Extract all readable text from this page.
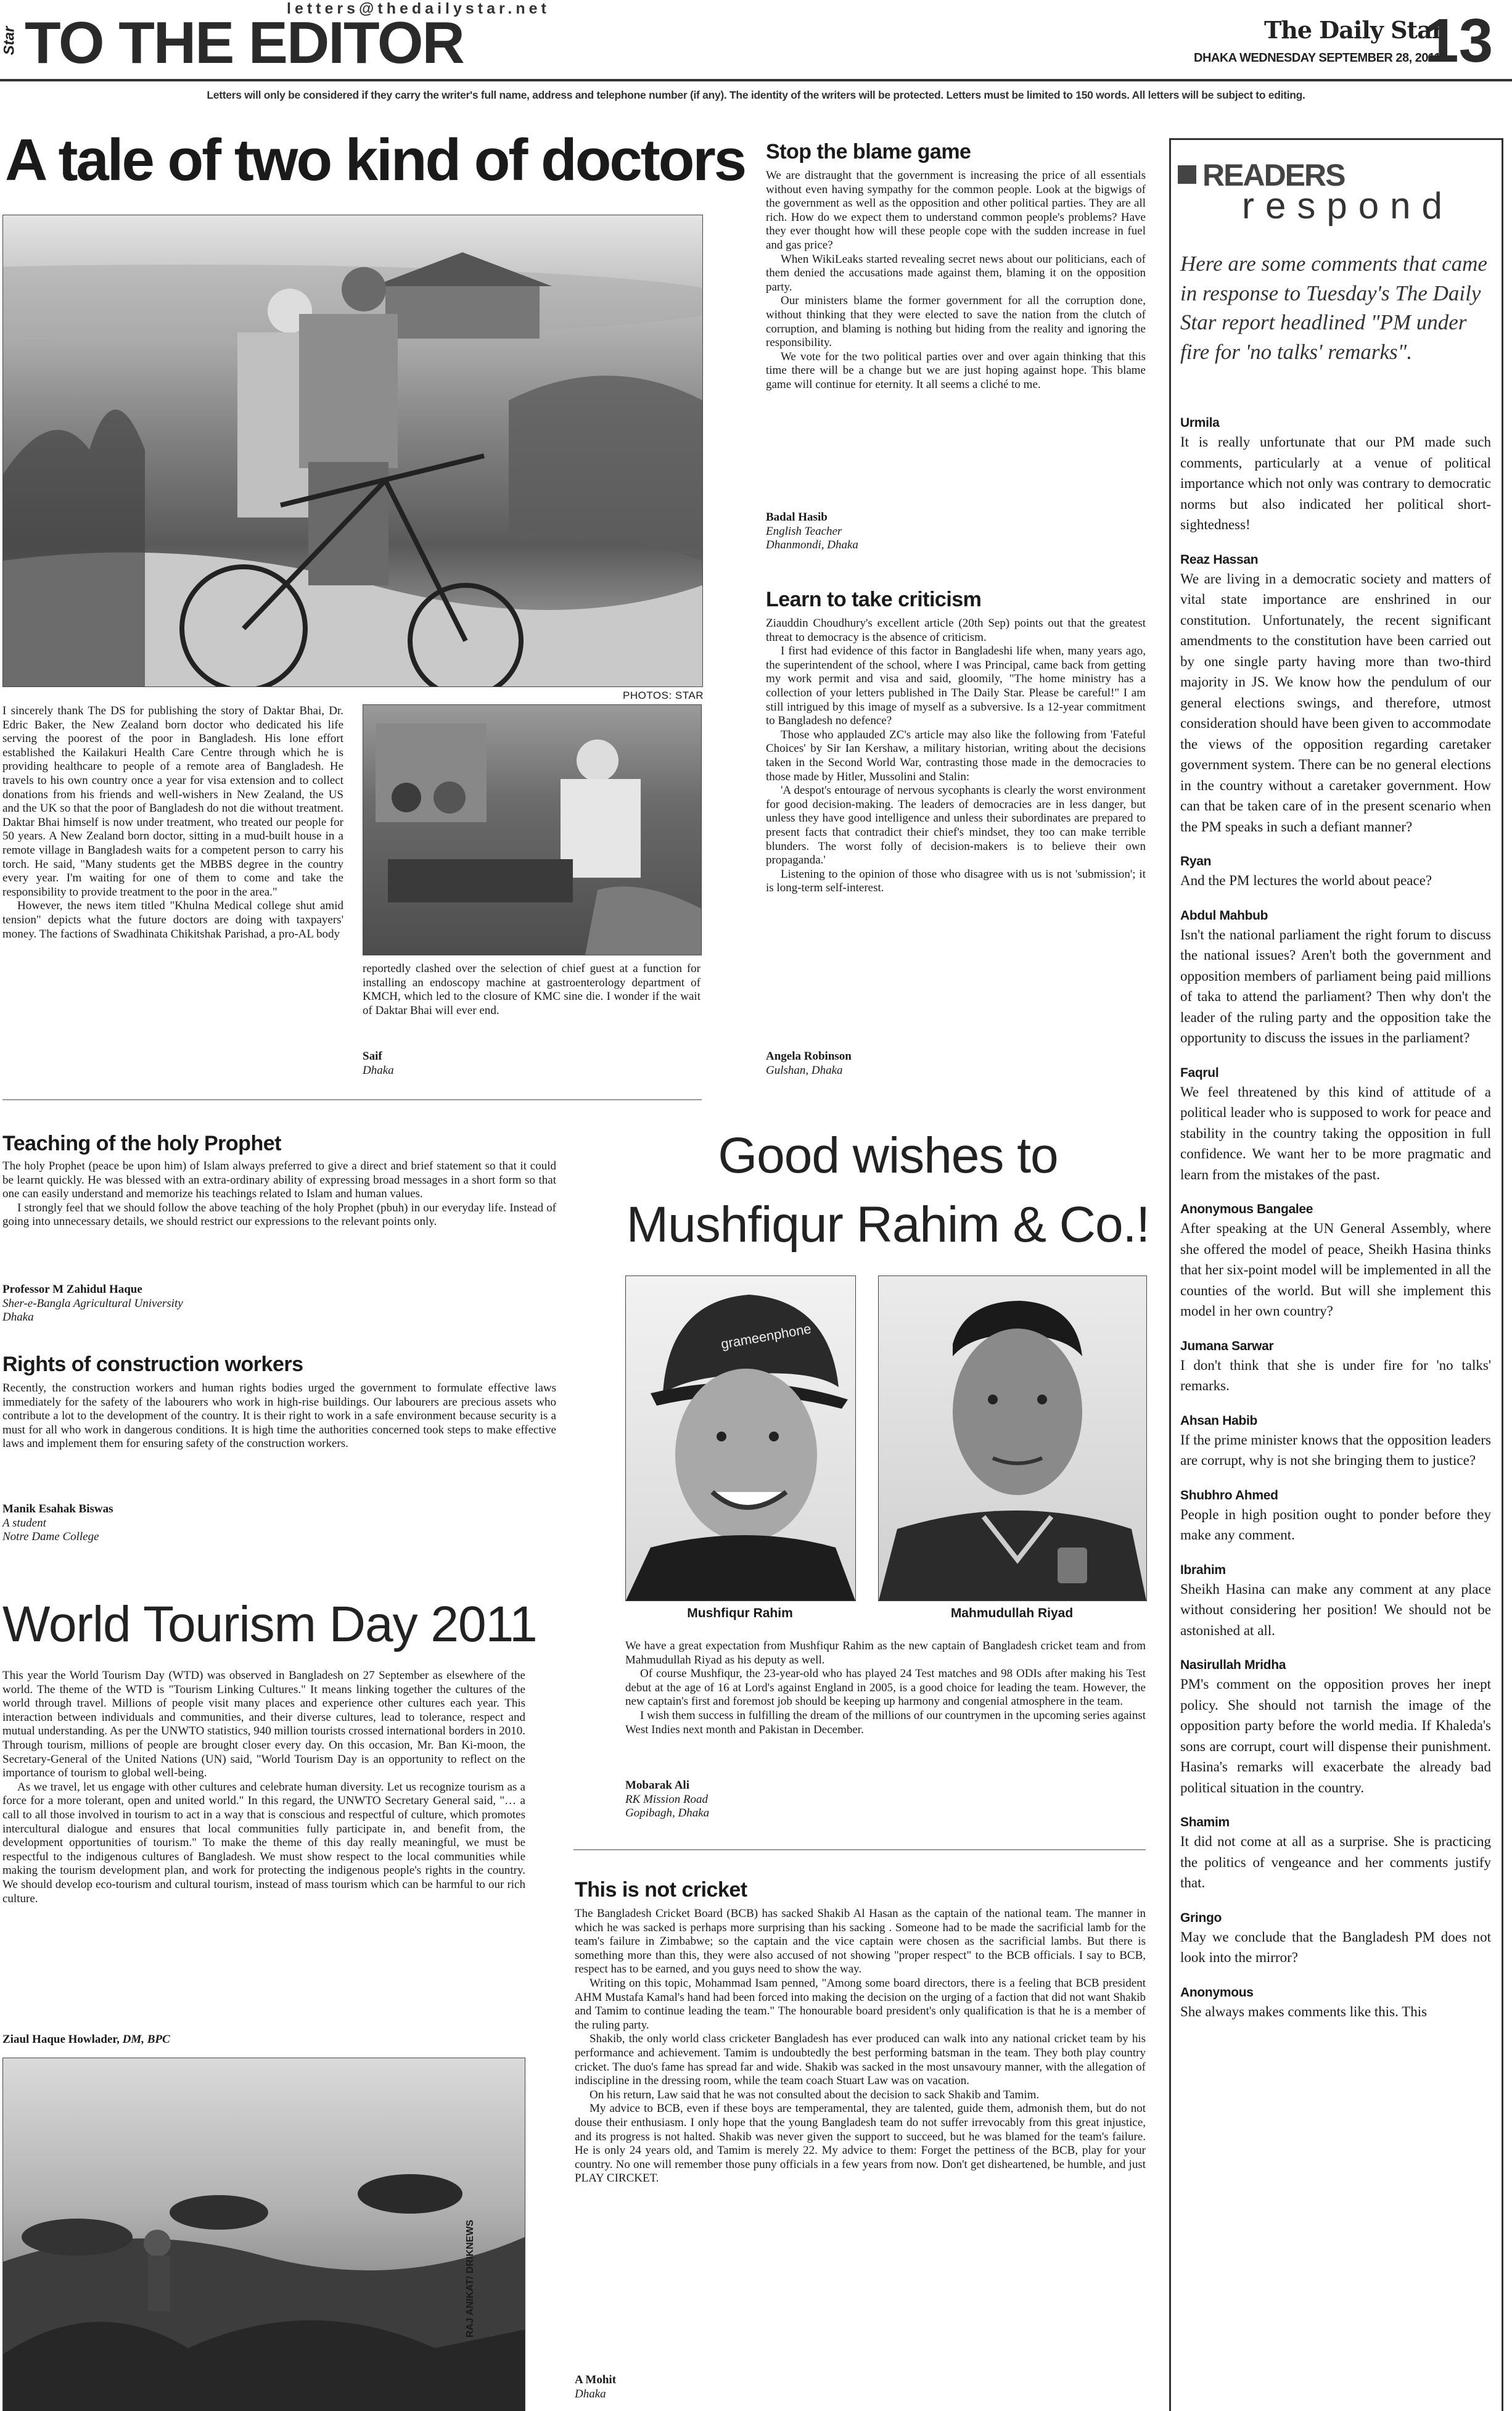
letters@thedailystar.net
Star TO THE EDITOR	The Daily Star
DHAKA WEDNESDAY SEPTEMBER 28, 2011
13
Letters will only be considered if they carry the writer's full name, address and telephone number (if any). The identity of the writers will be protected. Letters must be limited to 150 words. All letters will be subject to editing.
A tale of two kind of doctors
PHOTOS: STAR

I sincerely thank The DS for publishing the story of Daktar Bhai, Dr. Edric Baker, the New Zealand born doctor who dedicated his life serving the poorest of the poor in Bangladesh. His lone effort established the Kailakuri Health Care Centre through which he is providing healthcare to people of a remote area of Bangladesh. He travels to his own country once a year for visa extension and to collect donations from his friends and well-wishers in New Zealand, the US and the UK so that the poor of Bangladesh do not die without treatment. Daktar Bhai himself is now under treatment, who treated our people for 50 years. A New Zealand born doctor, sitting in a mud-built house in a remote village in Bangladesh waits for a competent person to carry his torch. He said, "Many students get the MBBS degree in the country every year. I'm waiting for one of them to come and take the responsibility to provide treatment to the poor in the area."

However, the news item titled "Khulna Medical college shut amid tension" depicts what the future doctors are doing with taxpayers' money. The factions of Swadhinata Chikitshak Parishad, a pro-AL body

reportedly clashed over the selection of chief guest at a function for installing an endoscopy machine at gastroenterology department of KMCH, which led to the closure of KMC sine die. I wonder if the wait of Daktar Bhai will ever end.

Saif
Dhaka
Teaching of the holy Prophet

The holy Prophet (peace be upon him) of Islam always preferred to give a direct and brief statement so that it could be learnt quickly. He was blessed with an extra-ordinary ability of expressing broad messages in a short form so that one can easily understand and memorize his teachings related to Islam and human values.

I strongly feel that we should follow the above teaching of the holy Prophet (pbuh) in our everyday life. Instead of going into unnecessary details, we should restrict our expressions to the relevant points only.

Professor M Zahidul Haque
Sher-e-Bangla Agricultural University
Dhaka
Rights of construction workers

Recently, the construction workers and human rights bodies urged the government to formulate effective laws immediately for the safety of the labourers who work in high-rise buildings. Our labourers are precious assets who contribute a lot to the development of the country. It is their right to work in a safe environment because security is a must for all who work in dangerous conditions. It is high time the authorities concerned took steps to make effective laws and implement them for ensuring safety of the construction workers.

Manik Esahak Biswas
A student
Notre Dame College
World Tourism Day 2011

This year the World Tourism Day (WTD) was observed in Bangladesh on 27 September as elsewhere of the world. The theme of the WTD is "Tourism Linking Cultures." It means linking together the cultures of the world through travel. Millions of people visit many places and experience other cultures each year. This interaction between individuals and communities, and their diverse cultures, lead to tolerance, respect and mutual understanding. As per the UNWTO statistics, 940 million tourists crossed international borders in 2010. Through tourism, millions of people are brought closer every day. On this occasion, Mr. Ban Ki-moon, the Secretary-General of the United Nations (UN) said, "World Tourism Day is an opportunity to reflect on the importance of tourism to global well-being.

As we travel, let us engage with other cultures and celebrate human diversity. Let us recognize tourism as a force for a more tolerant, open and united world." In this regard, the UNWTO Secretary General said, "… a call to all those involved in tourism to act in a way that is conscious and respectful of culture, which promotes intercultural dialogue and ensures that local communities fully participate in, and benefit from, the development opportunities of tourism." To make the theme of this day really meaningful, we must be respectful to the indigenous cultures of Bangladesh. We must show respect to the local communities while making the tourism development plan, and work for protecting the indigenous people's rights in the country. We should develop eco-tourism and cultural tourism, instead of mass tourism which can be harmful to our rich culture.

Ziaul Haque Howlader, DM, BPC
RAJ ANIKAT/ DRIKNEWS
Stop the blame game

We are distraught that the government is increasing the price of all essentials without even having sympathy for the common people. Look at the bigwigs of the government as well as the opposition and other political parties. They are all rich. How do we expect them to understand common people's problems? Have they ever thought how will these people cope with the sudden increase in fuel and gas price?

When WikiLeaks started revealing secret news about our politicians, each of them denied the accusations made against them, blaming it on the opposition party.

Our ministers blame the former government for all the corruption done, without thinking that they were elected to save the nation from the clutch of corruption, and blaming is nothing but hiding from the reality and ignoring the responsibility.

We vote for the two political parties over and over again thinking that this time there will be a change but we are just hoping against hope. This blame game will continue for eternity. It all seems a cliché to me.

Badal Hasib
English Teacher
Dhanmondi, Dhaka
Learn to take criticism

Ziauddin Choudhury's excellent article (20th Sep) points out that the greatest threat to democracy is the absence of criticism.

I first had evidence of this factor in Bangladeshi life when, many years ago, the superintendent of the school, where I was Principal, came back from getting my work permit and visa and said, gloomily, "The home ministry has a collection of your letters published in The Daily Star. Please be careful!" I am still intrigued by this image of myself as a subversive. Is a 12-year commitment to Bangladesh no defence?

Those who applauded ZC's article may also like the following from 'Fateful Choices' by Sir Ian Kershaw, a military historian, writing about the decisions taken in the Second World War, contrasting those made in the democracies to those made by Hitler, Mussolini and Stalin:

'A despot's entourage of nervous sycophants is clearly the worst environment for good decision-making. The leaders of democracies are in less danger, but unless they have good intelligence and unless their subordinates are prepared to present facts that contradict their chief's mindset, they too can make terrible blunders. The worst folly of decision-makers is to believe their own propaganda.'

Listening to the opinion of those who disagree with us is not 'submission'; it is long-term self-interest.

Angela Robinson
Gulshan, Dhaka
Good wishes to
Mushfiqur Rahim & Co.!
grameenphone
Mushfiqur Rahim	Mahmudullah Riyad

We have a great expectation from Mushfiqur Rahim as the new captain of Bangladesh cricket team and from Mahmudullah Riyad as his deputy as well.

Of course Mushfiqur, the 23-year-old who has played 24 Test matches and 98 ODIs after making his Test debut at the age of 16 at Lord's against England in 2005, is a good choice for leading the team. However, the new captain's first and foremost job should be keeping up harmony and congenial atmosphere in the team.

I wish them success in fulfilling the dream of the millions of our countrymen in the upcoming series against West Indies next month and Pakistan in December.

Mobarak Ali
RK Mission Road
Gopibagh, Dhaka
This is not cricket

The Bangladesh Cricket Board (BCB) has sacked Shakib Al Hasan as the captain of the national team. The manner in which he was sacked is perhaps more surprising than his sacking . Someone had to be made the sacrificial lamb for the team's failure in Zimbabwe; so the captain and the vice captain were chosen as the sacrificial lambs. But there is something more than this, they were also accused of not showing "proper respect" to the BCB officials. I say to BCB, respect has to be earned, and you guys need to show the way.

Writing on this topic, Mohammad Isam penned, "Among some board directors, there is a feeling that BCB president AHM Mustafa Kamal's hand had been forced into making the decision on the urging of a faction that did not want Shakib and Tamim to continue leading the team." The honourable board president's only qualification is that he is a member of the ruling party.

Shakib, the only world class cricketer Bangladesh has ever produced can walk into any national cricket team by his performance and achievement. Tamim is undoubtedly the best performing batsman in the team. They both play country cricket. The duo's fame has spread far and wide. Shakib was sacked in the most unsavoury manner, with the allegation of indiscipline in the dressing room, while the team coach Stuart Law was on vacation.

On his return, Law said that he was not consulted about the decision to sack Shakib and Tamim.

My advice to BCB, even if these boys are temperamental, they are talented, guide them, admonish them, but do not douse their enthusiasm. I only hope that the young Bangladesh team do not suffer irrevocably from this great injustice, and its progress is not halted. Shakib was never given the support to succeed, but he was blamed for the team's failure. He is only 24 years old, and Tamim is merely 22. My advice to them: Forget the pettiness of the BCB, play for your country. No one will remember those puny officials in a few years from now. Don't get disheartened, be humble, and just PLAY CIRCKET.

A Mohit
Dhaka
READERS
respond
Here are some comments that came in response to Tuesday's The Daily Star report headlined "PM under fire for 'no talks' remarks".
Urmila
It is really unfortunate that our PM made such comments, particularly at a venue of political importance which not only was contrary to democratic norms but also indicated her political short-sightedness!
Reaz Hassan
We are living in a democratic society and matters of vital state importance are enshrined in our constitution. Unfortunately, the recent significant amendments to the constitution have been carried out by one single party having more than two-third majority in JS. We know how the pendulum of our general elections swings, and therefore, utmost consideration should have been given to accommodate the views of the opposition regarding caretaker government system. There can be no general elections in the country without a caretaker government. How can that be taken care of in the present scenario when the PM speaks in such a defiant manner?
Ryan
And the PM lectures the world about peace?
Abdul Mahbub
Isn't the national parliament the right forum to discuss the national issues? Aren't both the government and opposition members of parliament being paid millions of taka to attend the parliament? Then why don't the leader of the ruling party and the opposition take the opportunity to discuss the issues in the parliament?
Faqrul
We feel threatened by this kind of attitude of a political leader who is supposed to work for peace and stability in the country taking the opposition in full confidence. We want her to be more pragmatic and learn from the mistakes of the past.
Anonymous Bangalee
After speaking at the UN General Assembly, where she offered the model of peace, Sheikh Hasina thinks that her six-point model will be implemented in all the counties of the world. But will she implement this model in her own country?
Jumana Sarwar
I don't think that she is under fire for 'no talks' remarks.
Ahsan Habib
If the prime minister knows that the opposition leaders are corrupt, why is not she bringing them to justice?
Shubhro Ahmed
People in high position ought to ponder before they make any comment.
Ibrahim
Sheikh Hasina can make any comment at any place without considering her position! We should not be astonished at all.
Nasirullah Mridha
PM's comment on the opposition proves her inept policy. She should not tarnish the image of the opposition party before the world media. If Khaleda's sons are corrupt, court will dispense their punishment. Hasina's remarks will exacerbate the already bad political situation in the country.
Shamim
It did not come at all as a surprise. She is practicing the politics of vengeance and her comments justify that.
Gringo
May we conclude that the Bangladesh PM does not look into the mirror?
Anonymous
She always makes comments like this. This
